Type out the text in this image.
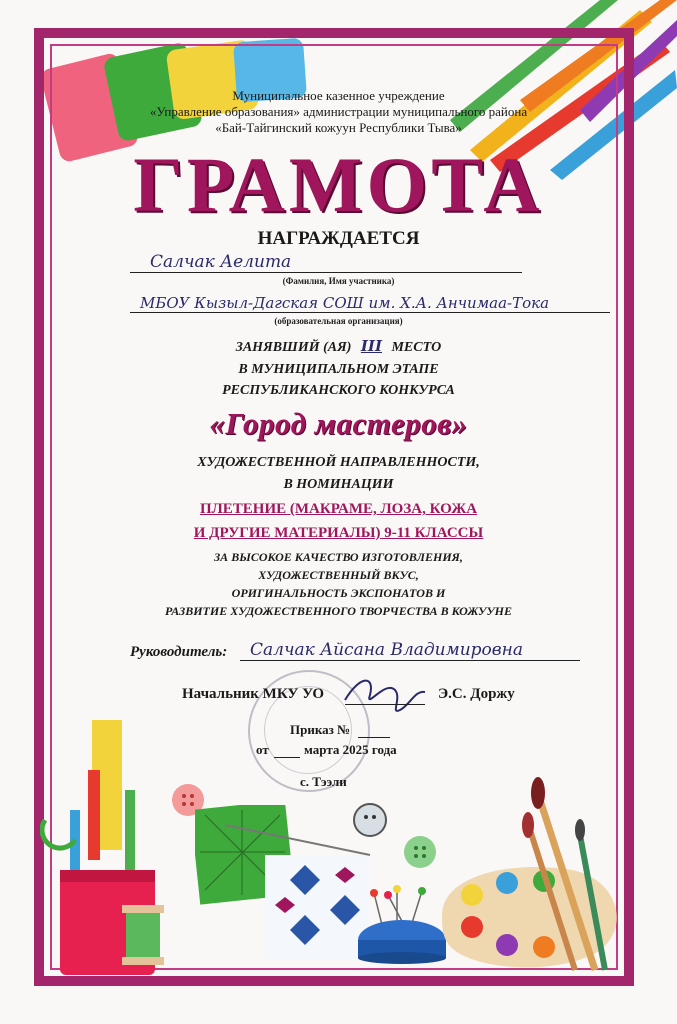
Муниципальное казенное учреждение
«Управление образования» администрации муниципального района
«Бай-Тайгинский кожуун Республики Тыва»
ГРАМОТА
НАГРАЖДАЕТСЯ
Салчак Аелита
(Фамилия, Имя участника)
МБОУ Кызыл-Дагская СОШ им. Х.А. Анчимаа-Тока
(образовательная организация)
ЗАНЯВШИЙ (АЯ) III МЕСТО
В МУНИЦИПАЛЬНОМ ЭТАПЕ
РЕСПУБЛИКАНСКОГО КОНКУРСА
«Город мастеров»
ХУДОЖЕСТВЕННОЙ НАПРАВЛЕННОСТИ,
В НОМИНАЦИИ
ПЛЕТЕНИЕ (МАКРАМЕ, ЛОЗА, КОЖА
И ДРУГИЕ МАТЕРИАЛЫ) 9-11 КЛАССЫ
ЗА ВЫСОКОЕ КАЧЕСТВО ИЗГОТОВЛЕНИЯ,
ХУДОЖЕСТВЕННЫЙ ВКУС,
ОРИГИНАЛЬНОСТЬ ЭКСПОНАТОВ И
РАЗВИТИЕ ХУДОЖЕСТВЕННОГО ТВОРЧЕСТВА В КОЖУУНЕ
Руководитель: Салчак Айсана Владимировна
Начальник МКУ УО	Э.С. Доржу
Приказ №
от	марта 2025 года
с. Тээли
